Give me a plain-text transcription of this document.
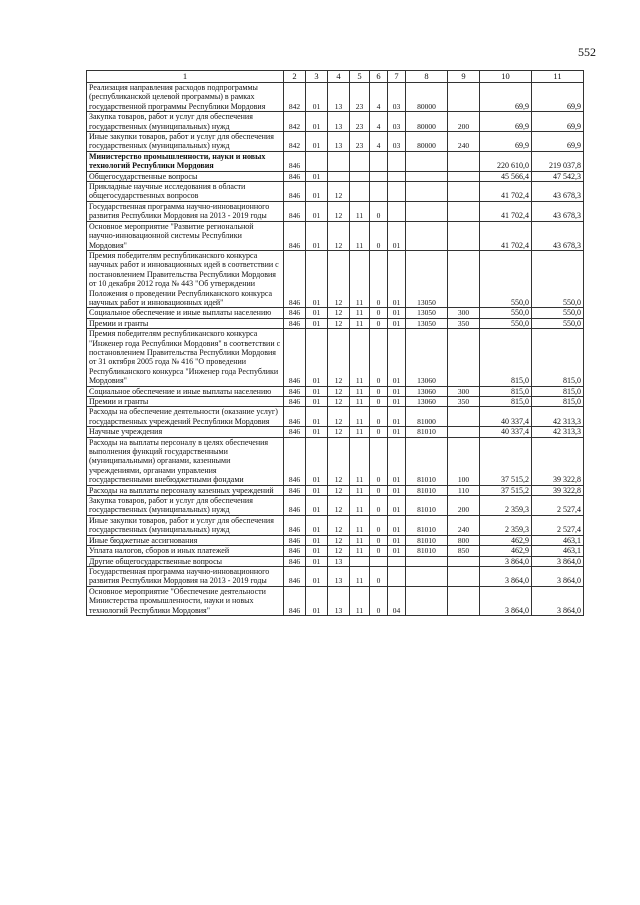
552
1	2	3	4	5	6	7	8	9	10	11
Реализация направления расходов подпрограммы (республиканской целевой программы) в рамках государственной программы Республики Мордовия	842	01	13	23	4	03	80000		69,9	69,9
Закупка товаров, работ и услуг для обеспечения государственных (муниципальных) нужд	842	01	13	23	4	03	80000	200	69,9	69,9
Иные закупки товаров, работ и услуг для обеспечения государственных (муниципальных) нужд	842	01	13	23	4	03	80000	240	69,9	69,9
Министерство промышленности, науки и новых технологий Республики Мордовия	846								220 610,0	219 037,8
Общегосударственные вопросы	846	01							45 566,4	47 542,3
Прикладные научные исследования в области общегосударственных вопросов	846	01	12						41 702,4	43 678,3
Государственная программа научно-инновационного развития Республики Мордовия на 2013 - 2019 годы	846	01	12	11	0				41 702,4	43 678,3
Основное мероприятие "Развитие региональной научно-инновационной системы Республики Мордовия"	846	01	12	11	0	01			41 702,4	43 678,3
Премия победителям республиканского конкурса научных работ и инновационных идей в соответствии с постановлением Правительства Республики Мордовия от 10 декабря 2012 года № 443 "Об утверждении Положения о проведении Республиканского конкурса научных работ и инновационных идей"	846	01	12	11	0	01	13050		550,0	550,0
Социальное обеспечение и иные выплаты населению	846	01	12	11	0	01	13050	300	550,0	550,0
Премии и гранты	846	01	12	11	0	01	13050	350	550,0	550,0
Премия победителям республиканского конкурса "Инженер года Республики Мордовия" в соответствии с постановлением Правительства Республики Мордовия от 31 октября 2005 года № 416 "О проведении Республиканского конкурса "Инженер года Республики Мордовия"	846	01	12	11	0	01	13060		815,0	815,0
Социальное обеспечение и иные выплаты населению	846	01	12	11	0	01	13060	300	815,0	815,0
Премии и гранты	846	01	12	11	0	01	13060	350	815,0	815,0
Расходы на обеспечение деятельности (оказание услуг) государственных учреждений Республики Мордовия	846	01	12	11	0	01	81000		40 337,4	42 313,3
Научные учреждения	846	01	12	11	0	01	81010		40 337,4	42 313,3
Расходы на выплаты персоналу в целях обеспечения выполнения функций государственными (муниципальными) органами, казенными учреждениями, органами управления государственными внебюджетными фондами	846	01	12	11	0	01	81010	100	37 515,2	39 322,8
Расходы на выплаты персоналу казенных учреждений	846	01	12	11	0	01	81010	110	37 515,2	39 322,8
Закупка товаров, работ и услуг для обеспечения государственных (муниципальных) нужд	846	01	12	11	0	01	81010	200	2 359,3	2 527,4
Иные закупки товаров, работ и услуг для обеспечения государственных (муниципальных) нужд	846	01	12	11	0	01	81010	240	2 359,3	2 527,4
Иные бюджетные ассигнования	846	01	12	11	0	01	81010	800	462,9	463,1
Уплата налогов, сборов и иных платежей	846	01	12	11	0	01	81010	850	462,9	463,1
Другие общегосударственные вопросы	846	01	13						3 864,0	3 864,0
Государственная программа научно-инновационного развития Республики Мордовия на 2013 - 2019 годы	846	01	13	11	0				3 864,0	3 864,0
Основное мероприятие "Обеспечение деятельности Министерства промышленности, науки и новых технологий Республики Мордовия"	846	01	13	11	0	04			3 864,0	3 864,0
